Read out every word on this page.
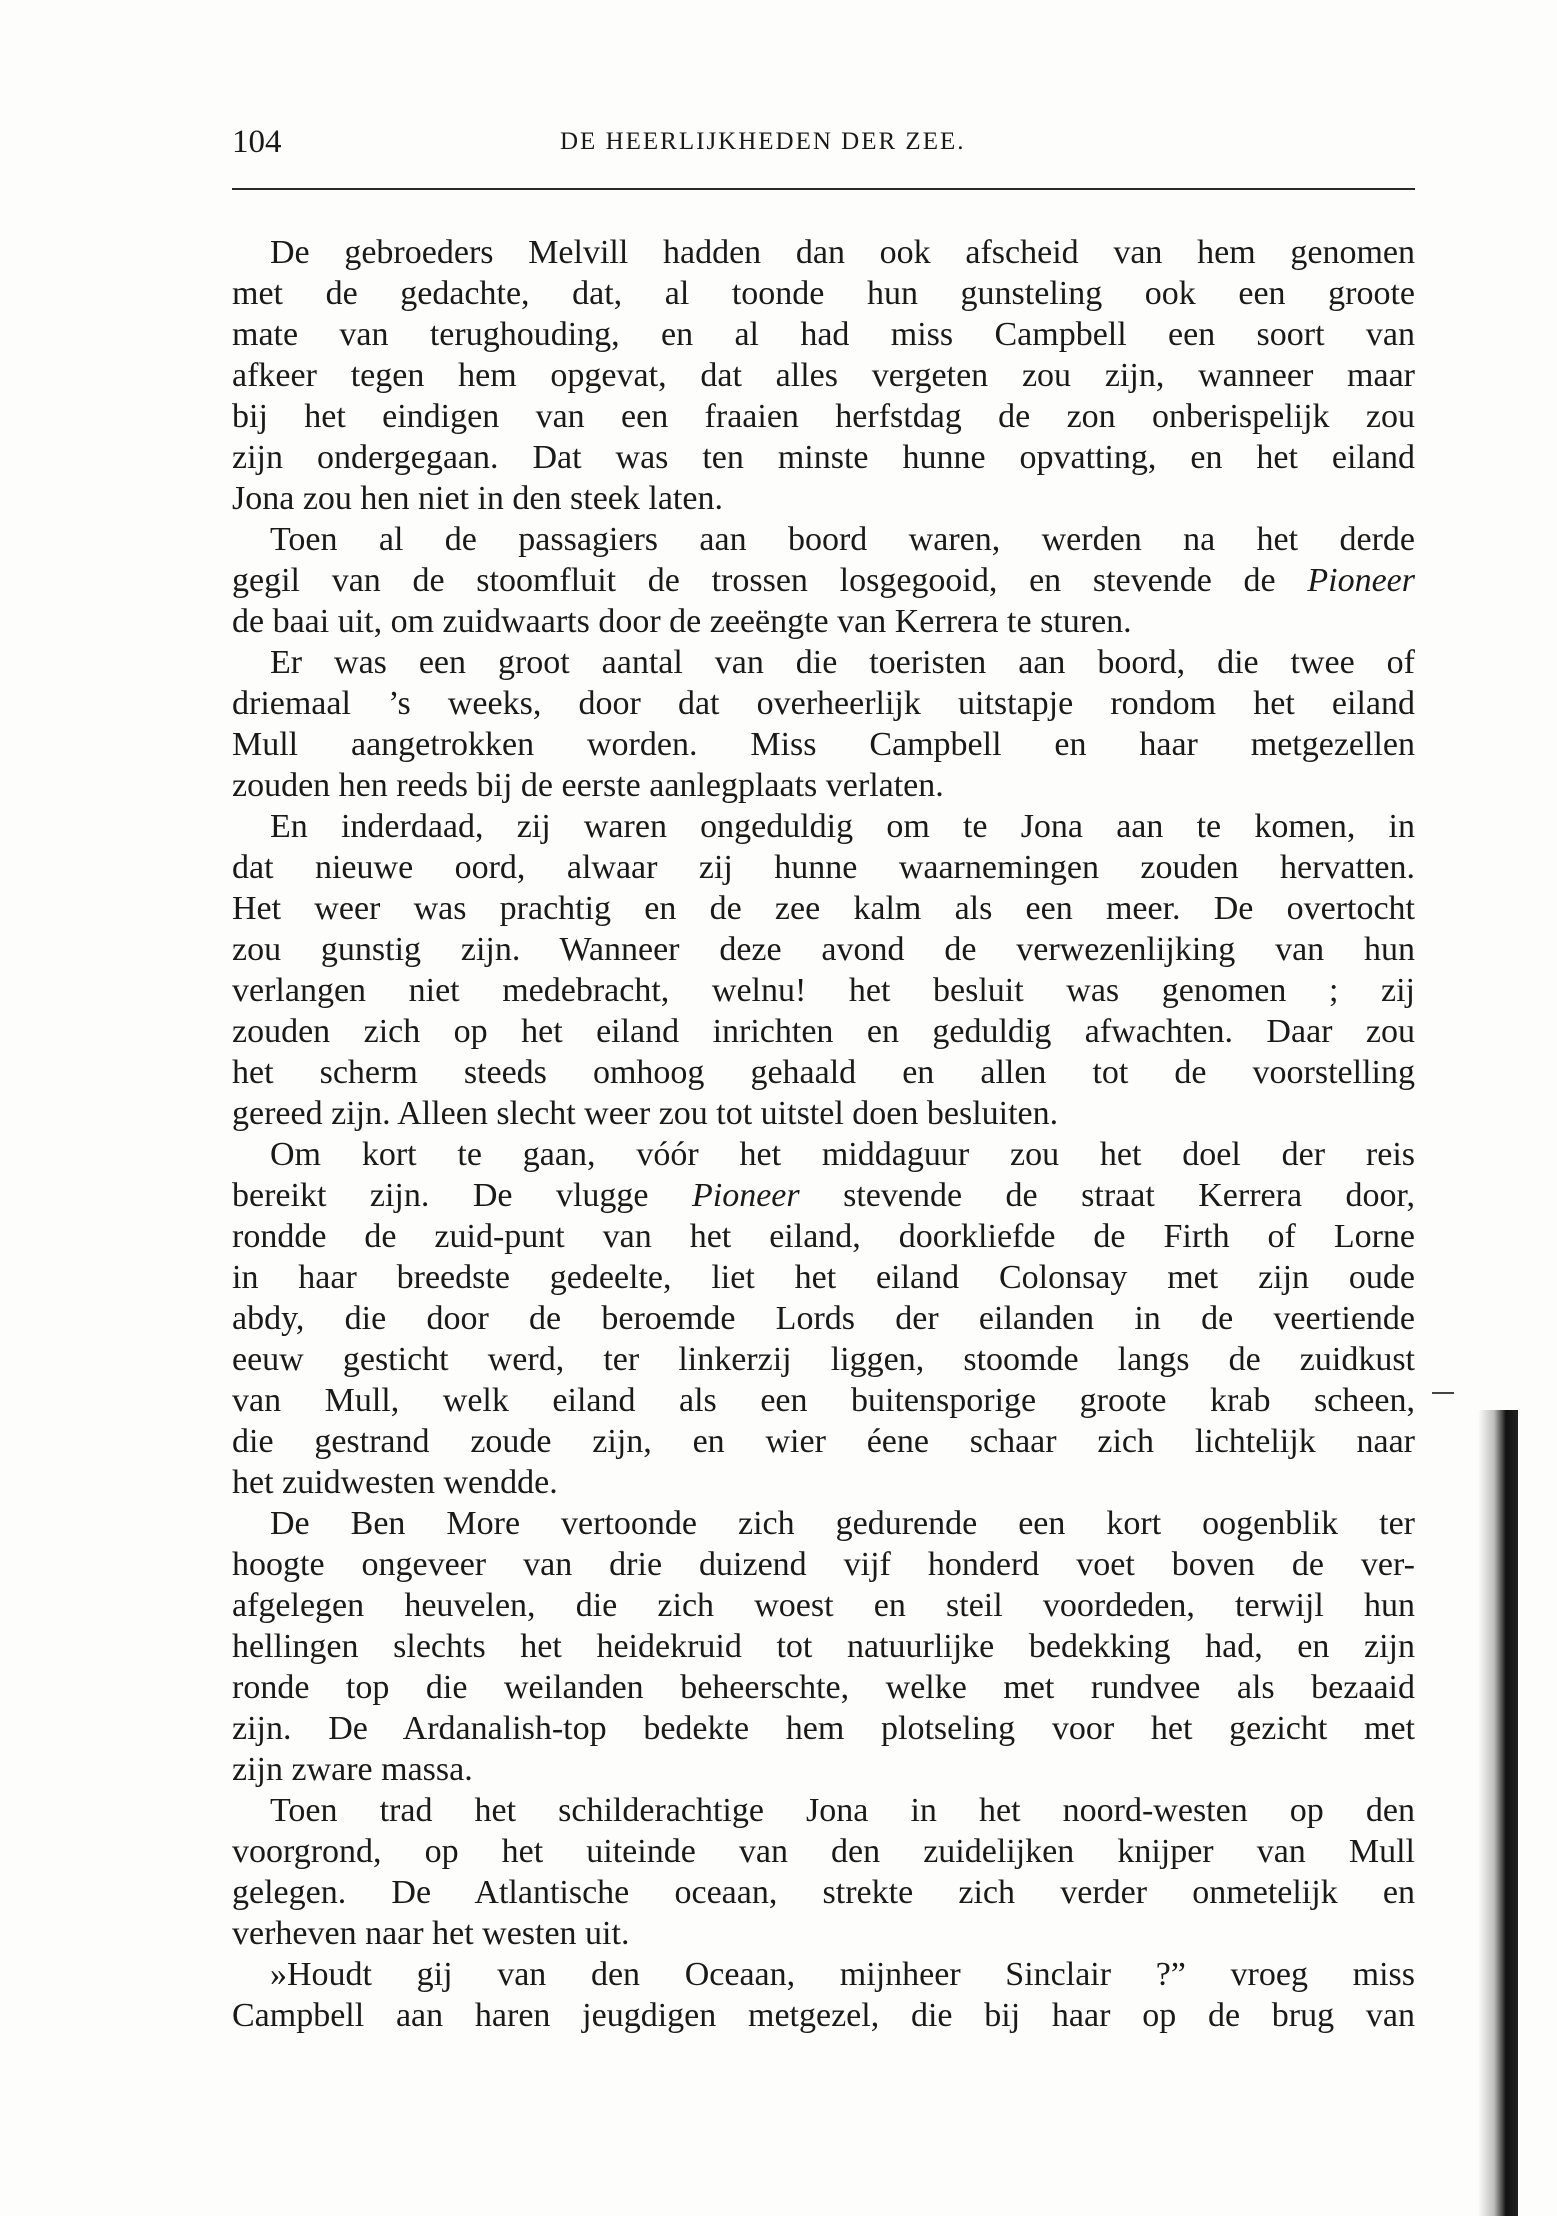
104	DE HEERLIJKHEDEN DER ZEE.
De gebroeders Melvill hadden dan ook afscheid van hem genomen
met de gedachte, dat, al toonde hun gunsteling ook een groote
mate van terughouding, en al had miss Campbell een soort van
afkeer tegen hem opgevat, dat alles vergeten zou zijn, wanneer maar
bij het eindigen van een fraaien herfstdag de zon onberispelijk zou
zijn ondergegaan. Dat was ten minste hunne opvatting, en het eiland
Jona zou hen niet in den steek laten.
Toen al de passagiers aan boord waren, werden na het derde
gegil van de stoomfluit de trossen losgegooid, en stevende de Pioneer
de baai uit, om zuidwaarts door de zeeëngte van Kerrera te sturen.
Er was een groot aantal van die toeristen aan boord, die twee of
driemaal ’s weeks, door dat overheerlijk uitstapje rondom het eiland
Mull aangetrokken worden. Miss Campbell en haar metgezellen
zouden hen reeds bij de eerste aanlegplaats verlaten.
En inderdaad, zij waren ongeduldig om te Jona aan te komen, in
dat nieuwe oord, alwaar zij hunne waarnemingen zouden hervatten.
Het weer was prachtig en de zee kalm als een meer. De overtocht
zou gunstig zijn. Wanneer deze avond de verwezenlijking van hun
verlangen niet medebracht, welnu! het besluit was genomen ; zij
zouden zich op het eiland inrichten en geduldig afwachten. Daar zou
het scherm steeds omhoog gehaald en allen tot de voorstelling
gereed zijn. Alleen slecht weer zou tot uitstel doen besluiten.
Om kort te gaan, vóór het middaguur zou het doel der reis
bereikt zijn. De vlugge Pioneer stevende de straat Kerrera door,
rondde de zuid-punt van het eiland, doorkliefde de Firth of Lorne
in haar breedste gedeelte, liet het eiland Colonsay met zijn oude
abdy, die door de beroemde Lords der eilanden in de veertiende
eeuw gesticht werd, ter linkerzij liggen, stoomde langs de zuidkust
van Mull, welk eiland als een buitensporige groote krab scheen,
die gestrand zoude zijn, en wier éene schaar zich lichtelijk naar
het zuidwesten wendde.
De Ben More vertoonde zich gedurende een kort oogenblik ter
hoogte ongeveer van drie duizend vijf honderd voet boven de ver-
afgelegen heuvelen, die zich woest en steil voordeden, terwijl hun
hellingen slechts het heidekruid tot natuurlijke bedekking had, en zijn
ronde top die weilanden beheerschte, welke met rundvee als bezaaid
zijn. De Ardanalish-top bedekte hem plotseling voor het gezicht met
zijn zware massa.
Toen trad het schilderachtige Jona in het noord-westen op den
voorgrond, op het uiteinde van den zuidelijken knijper van Mull
gelegen. De Atlantische oceaan, strekte zich verder onmetelijk en
verheven naar het westen uit.
»Houdt gij van den Oceaan, mijnheer Sinclair ?” vroeg miss
Campbell aan haren jeugdigen metgezel, die bij haar op de brug van
